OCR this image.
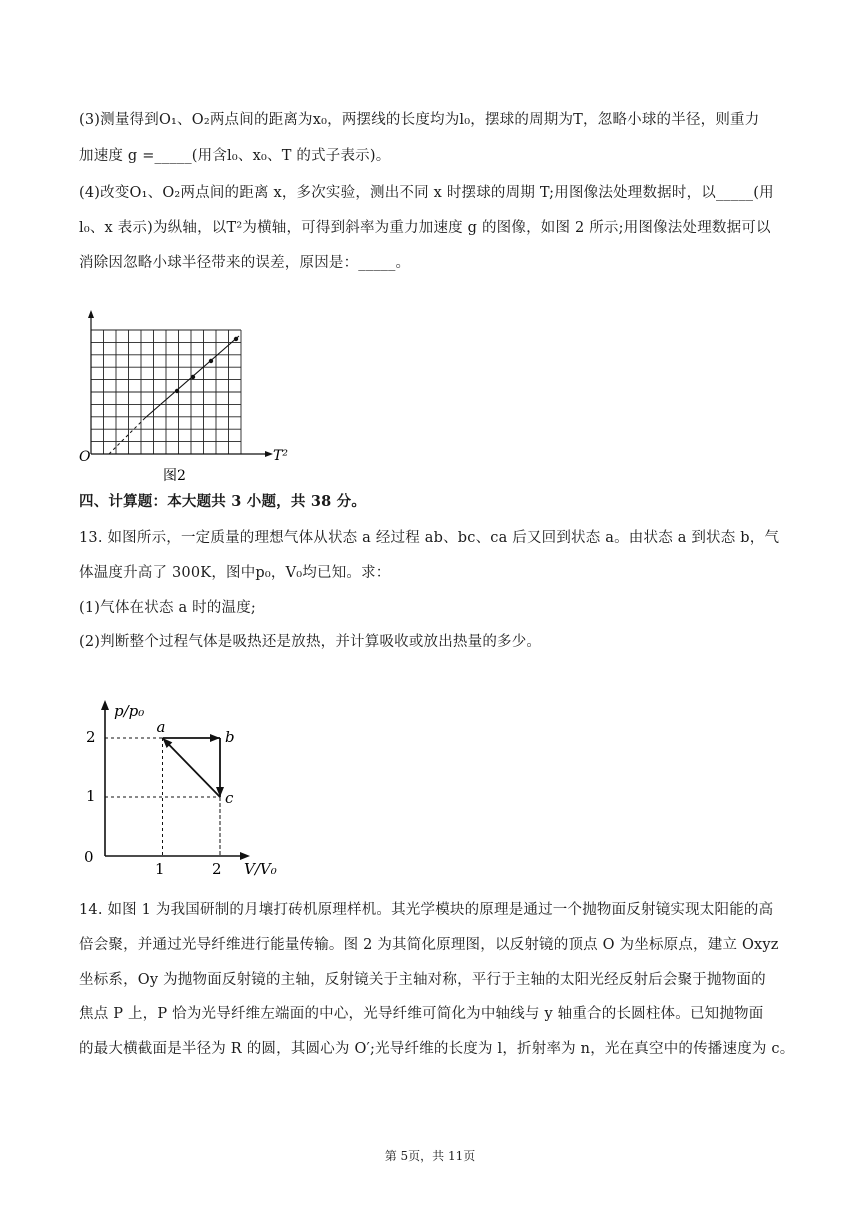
(3)测量得到O₁、O₂两点间的距离为x₀，两摆线的长度均为l₀，摆球的周期为T，忽略小球的半径，则重力
加速度 g =_____(用含l₀、x₀、T 的式子表示)。
(4)改变O₁、O₂两点间的距离 x，多次实验，测出不同 x 时摆球的周期 T;用图像法处理数据时，以_____(用
l₀、x 表示)为纵轴，以T²为横轴，可得到斜率为重力加速度 g 的图像，如图 2 所示;用图像法处理数据可以
消除因忽略小球半径带来的误差，原因是：_____。
O	T²
图2
四、计算题：本大题共 3 小题，共 38 分。
13. 如图所示，一定质量的理想气体从状态 a 经过程 ab、bc、ca 后又回到状态 a。由状态 a 到状态 b，气
体温度升高了 300K，图中p₀，V₀均已知。求：
(1)气体在状态 a 时的温度;
(2)判断整个过程气体是吸热还是放热，并计算吸收或放出热量的多少。
a
b
c
p/p₀
V/V₀
0
2
1
1	2
14. 如图 1 为我国研制的月壤打砖机原理样机。其光学模块的原理是通过一个抛物面反射镜实现太阳能的高
倍会聚，并通过光导纤维进行能量传输。图 2 为其简化原理图，以反射镜的顶点 O 为坐标原点，建立 Oxyz
坐标系，Oy 为抛物面反射镜的主轴，反射镜关于主轴对称，平行于主轴的太阳光经反射后会聚于抛物面的
焦点 P 上，P 恰为光导纤维左端面的中心，光导纤维可简化为中轴线与 y 轴重合的长圆柱体。已知抛物面
的最大横截面是半径为 R 的圆，其圆心为 O′;光导纤维的长度为 l，折射率为 n，光在真空中的传播速度为 c。
第 5页，共 11页
